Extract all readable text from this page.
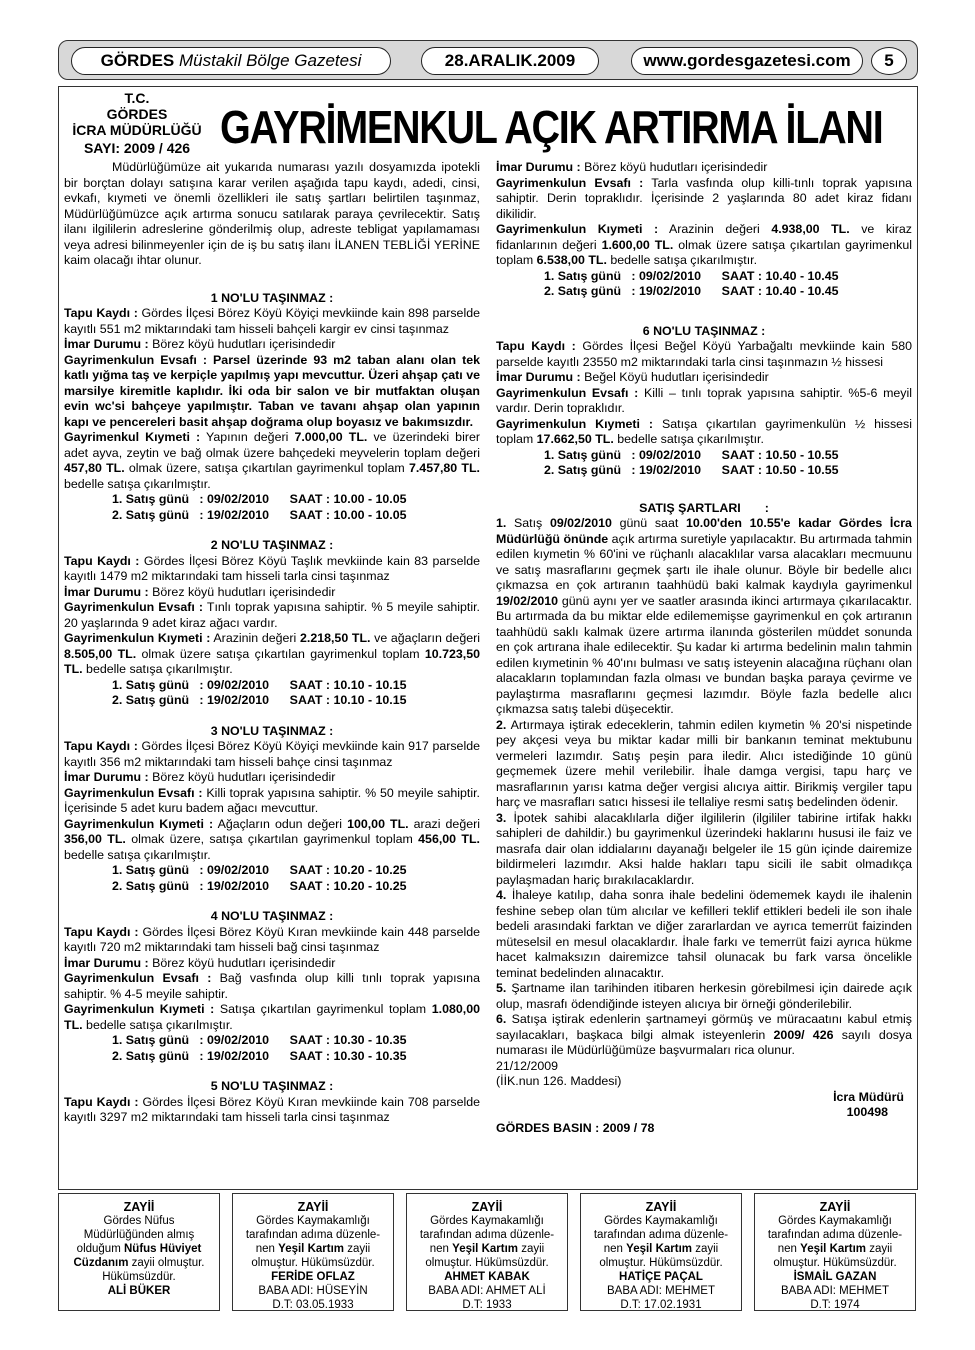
GÖRDES
Müstakil Bölge Gazetesi	28.ARALIK.2009	www.gordesgazetesi.com	5
T.C.
GÖRDES
İCRA MÜDÜRLÜĞÜ
SAYI: 2009 / 426 GAYRİMENKUL AÇIK ARTIRMA İLANI

Müdürlüğümüze ait yukarıda numarası yazılı dosyamızda ipotekli bir borçtan dolayı satışına karar verilen aşağıda tapu kaydı, adedi, cinsi, evkafı, kıymeti ve önemli özellikleri ile satış şartları belirtilen taşınmaz, Müdürlüğümüzce açık artırma sonucu satılarak paraya çevrilecektir. Satış ilanı ilgililerin adreslerine gönderilmiş olup, adreste tebligat yapılamaması veya adresi bilinmeyenler için de iş bu satış ilanı İLANEN TEBLİĞİ YERİNE kaim olacağı ihtar olunur.

1 NO'LU TAŞINMAZ :

Tapu Kaydı : Gördes İlçesi Börez Köyü Köyiçi mevkiinde kain 898 parselde kayıtlı 551 m2 miktarındaki tam hisseli bahçeli kargir ev cinsi taşınmaz

İmar Durumu : Börez köyü hudutları içerisindedir

Gayrimenkulun Evsafı : Parsel üzerinde 93 m2 taban alanı olan tek katlı yığma taş ve kerpiçle yapılmış yapı mevcuttur. Üzeri ahşap çatı ve marsilye kiremitle kaplıdır. İki oda bir salon ve bir mutfaktan oluşan evin wc'si bahçeye yapılmıştır. Taban ve tavanı ahşap olan yapının kapı ve pencereleri basit ahşap doğrama olup boyasız ve bakımsızdır.

Gayrimenkul Kıymeti : Yapının değeri 7.000,00 TL. ve üzerindeki birer adet ayva, zeytin ve bağ olmak üzere bahçedeki meyvelerin toplam değeri 457,80 TL. olmak üzere, satışa çıkartılan gayrimenkul toplam 7.457,80 TL. bedelle satışa çıkarılmıştır.

1. Satış günü   : 09/02/2010      SAAT : 10.00 - 10.05

2. Satış günü   : 19/02/2010      SAAT : 10.00 - 10.05

2 NO'LU TAŞINMAZ :

Tapu Kaydı : Gördes İlçesi Börez Köyü Taşlık mevkiinde kain 83 parselde kayıtlı 1479 m2 miktarındaki tam hisseli tarla cinsi taşınmaz

İmar Durumu : Börez köyü hudutları içerisindedir

Gayrimenkulun Evsafı : Tınlı toprak yapısına sahiptir. % 5 meyile sahiptir. 20 yaşlarında 9 adet kiraz ağacı vardır.

Gayrimenkulun Kıymeti : Arazinin değeri 2.218,50 TL. ve ağaçların değeri 8.505,00 TL. olmak üzere satışa çıkartılan gayrimenkul toplam 10.723,50 TL. bedelle satışa çıkarılmıştır.

1. Satış günü   : 09/02/2010      SAAT : 10.10 - 10.15

2. Satış günü   : 19/02/2010      SAAT : 10.10 - 10.15

3 NO'LU TAŞINMAZ :

Tapu Kaydı : Gördes İlçesi Börez Köyü Köyiçi mevkiinde kain 917 parselde kayıtlı 356 m2 miktarındaki tam hisseli bahçe cinsi taşınmaz

İmar Durumu : Börez köyü hudutları içerisindedir

Gayrimenkulun Evsafı : Killi toprak yapısına sahiptir. % 50 meyile sahiptir. İçerisinde 5 adet kuru badem ağacı mevcuttur.

Gayrimenkulun Kıymeti : Ağaçların odun değeri 100,00 TL. arazi değeri 356,00 TL. olmak üzere, satışa çıkartılan gayrimenkul toplam 456,00 TL. bedelle satışa çıkarılmıştır.

1. Satış günü   : 09/02/2010      SAAT : 10.20 - 10.25

2. Satış günü   : 19/02/2010      SAAT : 10.20 - 10.25

4 NO'LU TAŞINMAZ :

Tapu Kaydı : Gördes İlçesi Börez Köyü Kıran mevkiinde kain 448 parselde kayıtlı 720 m2 miktarındaki tam hisseli bağ cinsi taşınmaz

İmar Durumu : Börez köyü hudutları içerisindedir

Gayrimenkulun Evsafı : Bağ vasfında olup killi tınlı toprak yapısına sahiptir. % 4-5 meyile sahiptir.

Gayrimenkulun Kıymeti : Satışa çıkartılan gayrimenkul toplam 1.080,00 TL. bedelle satışa çıkarılmıştır.

1. Satış günü   : 09/02/2010      SAAT : 10.30 - 10.35

2. Satış günü   : 19/02/2010      SAAT : 10.30 - 10.35

5 NO'LU TAŞINMAZ :

Tapu Kaydı : Gördes İlçesi Börez Köyü Kıran mevkiinde kain 708 parselde kayıtlı 3297 m2 miktarındaki tam hisseli tarla cinsi taşınmaz

İmar Durumu : Börez köyü hudutları içerisindedir

Gayrimenkulun Evsafı : Tarla vasfında olup killi-tınlı toprak yapısına sahiptir. Derin topraklıdır. İçerisinde 2 yaşlarında 80 adet kiraz fidanı dikilidir.

Gayrimenkulun Kıymeti : Arazinin değeri 4.938,00 TL. ve kiraz fidanlarının değeri 1.600,00 TL. olmak üzere satışa çıkartılan gayrimenkul toplam 6.538,00 TL. bedelle satışa çıkarılmıştır.

1. Satış günü   : 09/02/2010      SAAT : 10.40 - 10.45

2. Satış günü   : 19/02/2010      SAAT : 10.40 - 10.45

6 NO'LU TAŞINMAZ :

Tapu Kaydı : Gördes İlçesi Beğel Köyü Yarbağaltı mevkiinde kain 580 parselde kayıtlı 23550 m2 miktarındaki tarla cinsi taşınmazın ½ hissesi

İmar Durumu : Beğel Köyü hudutları içerisindedir

Gayrimenkulun Evsafı : Killi – tınlı toprak yapısına sahiptir. %5-6 meyil vardır. Derin topraklıdır.

Gayrimenkulun Kıymeti : Satışa çıkartılan gayrimenkulün ½ hissesi toplam 17.662,50 TL. bedelle satışa çıkarılmıştır.

1. Satış günü   : 09/02/2010      SAAT : 10.50 - 10.55

2. Satış günü   : 19/02/2010      SAAT : 10.50 - 10.55

SATIŞ ŞARTLARI       :

1. Satış 09/02/2010 günü saat 10.00'den 10.55'e kadar Gördes İcra Müdürlüğü önünde açık artırma suretiyle yapılacaktır. Bu artırmada tahmin edilen kıymetin % 60'ini ve rüçhanlı alacaklılar varsa alacakları mecmuunu ve satış masraflarını geçmek şartı ile ihale olunur. Böyle bir bedelle alıcı çıkmazsa en çok artıranın taahhüdü baki kalmak kaydıyla gayrimenkul 19/02/2010 günü aynı yer ve saatler arasında ikinci artırmaya çıkarılacaktır. Bu artırmada da bu miktar elde edilememişse gayrimenkul en çok artıranın taahhüdü saklı kalmak üzere artırma ilanında gösterilen müddet sonunda en çok artırana ihale edilecektir. Şu kadar ki artırma bedelinin malın tahmin edilen kıymetinin % 40'ını bulması ve satış isteyenin alacağına rüçhanı olan alacakların toplamından fazla olması ve bundan başka paraya çevirme ve paylaştırma masraflarını geçmesi lazımdır. Böyle fazla bedelle alıcı çıkmazsa satış talebi düşecektir.

2. Artırmaya iştirak edeceklerin, tahmin edilen kıymetin % 20'si nispetinde pey akçesi veya bu miktar kadar milli bir bankanın teminat mektubunu vermeleri lazımdır. Satış peşin para iledir. Alıcı istediğinde 10 günü geçmemek üzere mehil verilebilir. İhale damga vergisi, tapu harç ve masraflarının yarısı katma değer vergisi alıcıya aittir. Birikmiş vergiler tapu harç ve masrafları satıcı hissesi ile tellaliye resmi satış bedelinden ödenir.

3. İpotek sahibi alacaklılarla diğer ilgililerin (ilgililer tabirine irtifak hakkı sahipleri de dahildir.) bu gayrimenkul üzerindeki haklarını hususi ile faiz ve masrafa dair olan iddialarını dayanağı belgeler ile 15 gün içinde dairemize bildirmeleri lazımdır. Aksi halde hakları tapu sicili ile sabit olmadıkça paylaşmadan hariç bırakılacaklardır.

4. İhaleye katılıp, daha sonra ihale bedelini ödememek kaydı ile ihalenin feshine sebep olan tüm alıcılar ve kefilleri teklif ettikleri bedeli ile son ihale bedeli arasındaki farktan ve diğer zararlardan ve ayrıca temerrüt faizinden müteselsil en mesul olacaklardır. İhale farkı ve temerrüt faizi ayrıca hükme hacet kalmaksızın dairemizce tahsil olunacak bu fark varsa öncelikle teminat bedelinden alınacaktır.

5. Şartname ilan tarihinden itibaren herkesin görebilmesi için dairede açık olup, masrafı ödendiğinde isteyen alıcıya bir örneği gönderilebilir.

6. Satışa iştirak edenlerin şartnameyi görmüş ve müracaatını kabul etmiş sayılacakları, başkaca bilgi almak isteyenlerin 2009/ 426 sayılı dosya numarası ile Müdürlüğümüze başvurmaları rica olunur.

21/12/2009

(İİK.nun 126. Maddesi)

İcra Müdürü

100498

GÖRDES BASIN : 2009 / 78

ZAYİİ
Gördes Nüfus
Müdürlüğünden almış
olduğum Nüfus Hüviyet
Cüzdanım zayii olmuştur.
Hükümsüzdür.
ALİ BÜKER
ZAYİİ
Gördes Kaymakamlığı
tarafından adıma düzenle-
nen Yeşil Kartım zayii
olmuştur. Hükümsüzdür.
FERİDE OFLAZ
BABA ADI: HÜSEYİN
D.T: 03.05.1933
ZAYİİ
Gördes Kaymakamlığı
tarafından adıma düzenle-
nen Yeşil Kartım zayii
olmuştur. Hükümsüzdür.
AHMET KABAK
BABA ADI: AHMET ALİ
D.T: 1933
ZAYİİ
Gördes Kaymakamlığı
tarafından adıma düzenle-
nen Yeşil Kartım zayii
olmuştur. Hükümsüzdür.
HATİÇE PAÇAL
BABA ADI: MEHMET
D.T: 17.02.1931
ZAYİİ
Gördes Kaymakamlığı
tarafından adıma düzenle-
nen Yeşil Kartım zayii
olmuştur. Hükümsüzdür.
İSMAİL GAZAN
BABA ADI: MEHMET
D.T: 1974
